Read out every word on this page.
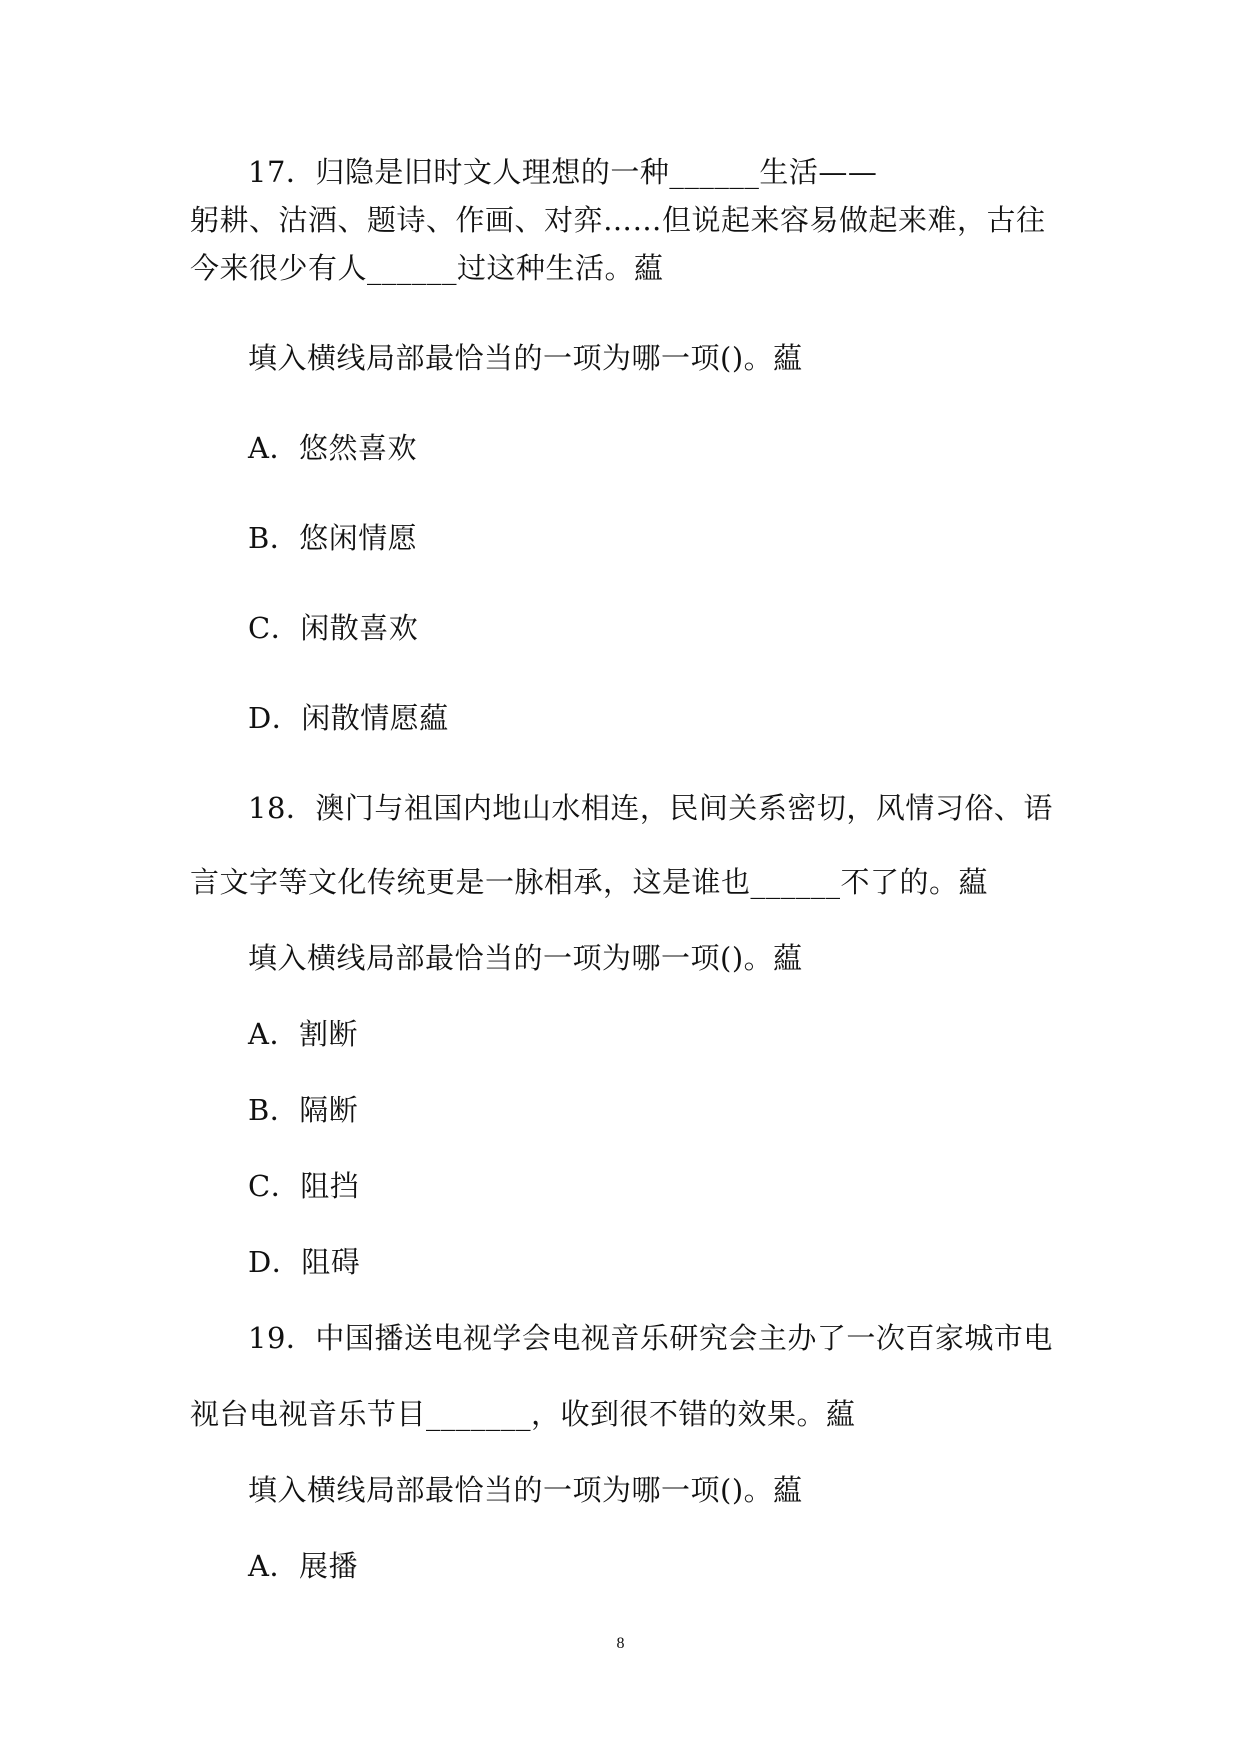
17．归隐是旧时文人理想的一种______生活——
躬耕、沽酒、题诗、作画、对弈……但说起来容易做起来难，古往
今来很少有人______过这种生活。藴
填入横线局部最恰当的一项为哪一项()。藴
A．悠然喜欢
B．悠闲情愿
C．闲散喜欢
D．闲散情愿藴
18．澳门与祖国内地山水相连，民间关系密切，风情习俗、语
言文字等文化传统更是一脉相承，这是谁也______不了的。藴
填入横线局部最恰当的一项为哪一项()。藴
A．割断
B．隔断
C．阻挡
D．阻碍
19．中国播送电视学会电视音乐研究会主办了一次百家城市电
视台电视音乐节目_______，收到很不错的效果。藴
填入横线局部最恰当的一项为哪一项()。藴
A．展播
8
